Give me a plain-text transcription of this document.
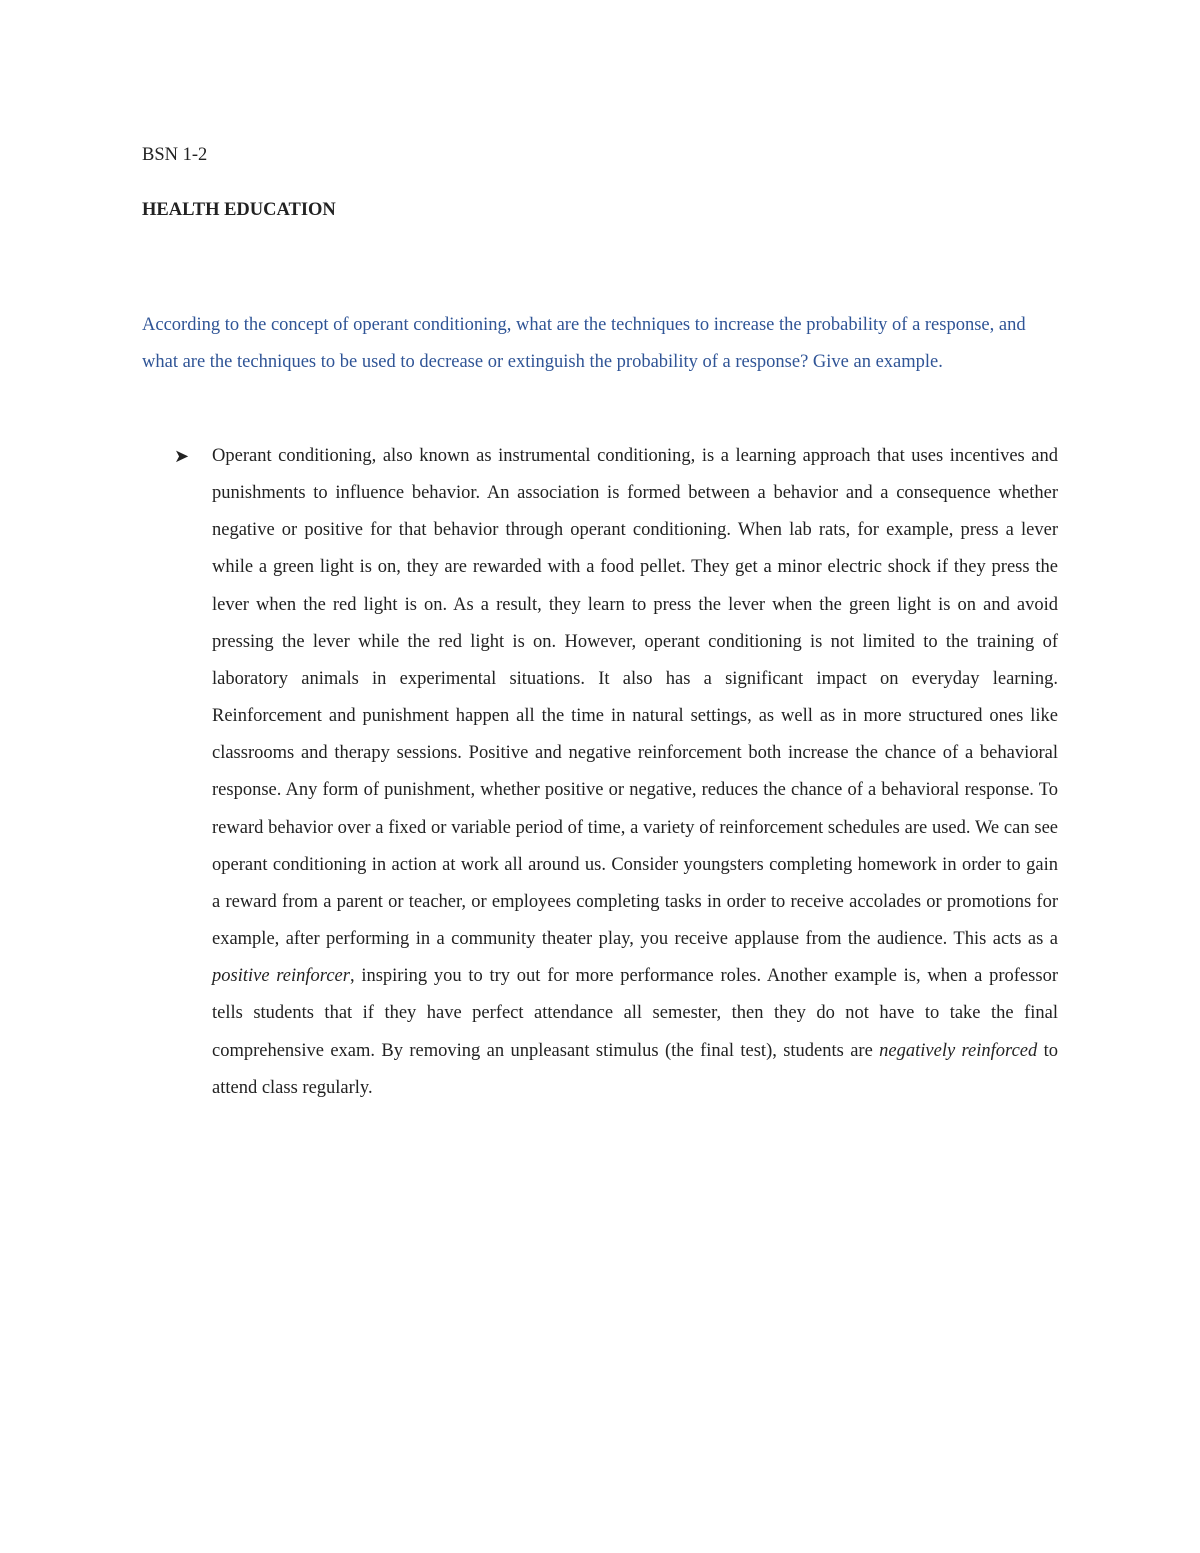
BSN 1-2

HEALTH EDUCATION

According to the concept of operant conditioning, what are the techniques to increase the probability of a response, and what are the techniques to be used to decrease or extinguish the probability of a response? Give an example.

➤ Operant conditioning, also known as instrumental conditioning, is a learning approach that uses incentives and punishments to influence behavior. An association is formed between a behavior and a consequence whether negative or positive for that behavior through operant conditioning. When lab rats, for example, press a lever while a green light is on, they are rewarded with a food pellet. They get a minor electric shock if they press the lever when the red light is on. As a result, they learn to press the lever when the green light is on and avoid pressing the lever while the red light is on. However, operant conditioning is not limited to the training of laboratory animals in experimental situations. It also has a significant impact on everyday learning. Reinforcement and punishment happen all the time in natural settings, as well as in more structured ones like classrooms and therapy sessions. Positive and negative reinforcement both increase the chance of a behavioral response. Any form of punishment, whether positive or negative, reduces the chance of a behavioral response. To reward behavior over a fixed or variable period of time, a variety of reinforcement schedules are used. We can see operant conditioning in action at work all around us. Consider youngsters completing homework in order to gain a reward from a parent or teacher, or employees completing tasks in order to receive accolades or promotions for example, after performing in a community theater play, you receive applause from the audience. This acts as a positive reinforcer, inspiring you to try out for more performance roles. Another example is, when a professor tells students that if they have perfect attendance all semester, then they do not have to take the final comprehensive exam. By removing an unpleasant stimulus (the final test), students are negatively reinforced to attend class regularly.
